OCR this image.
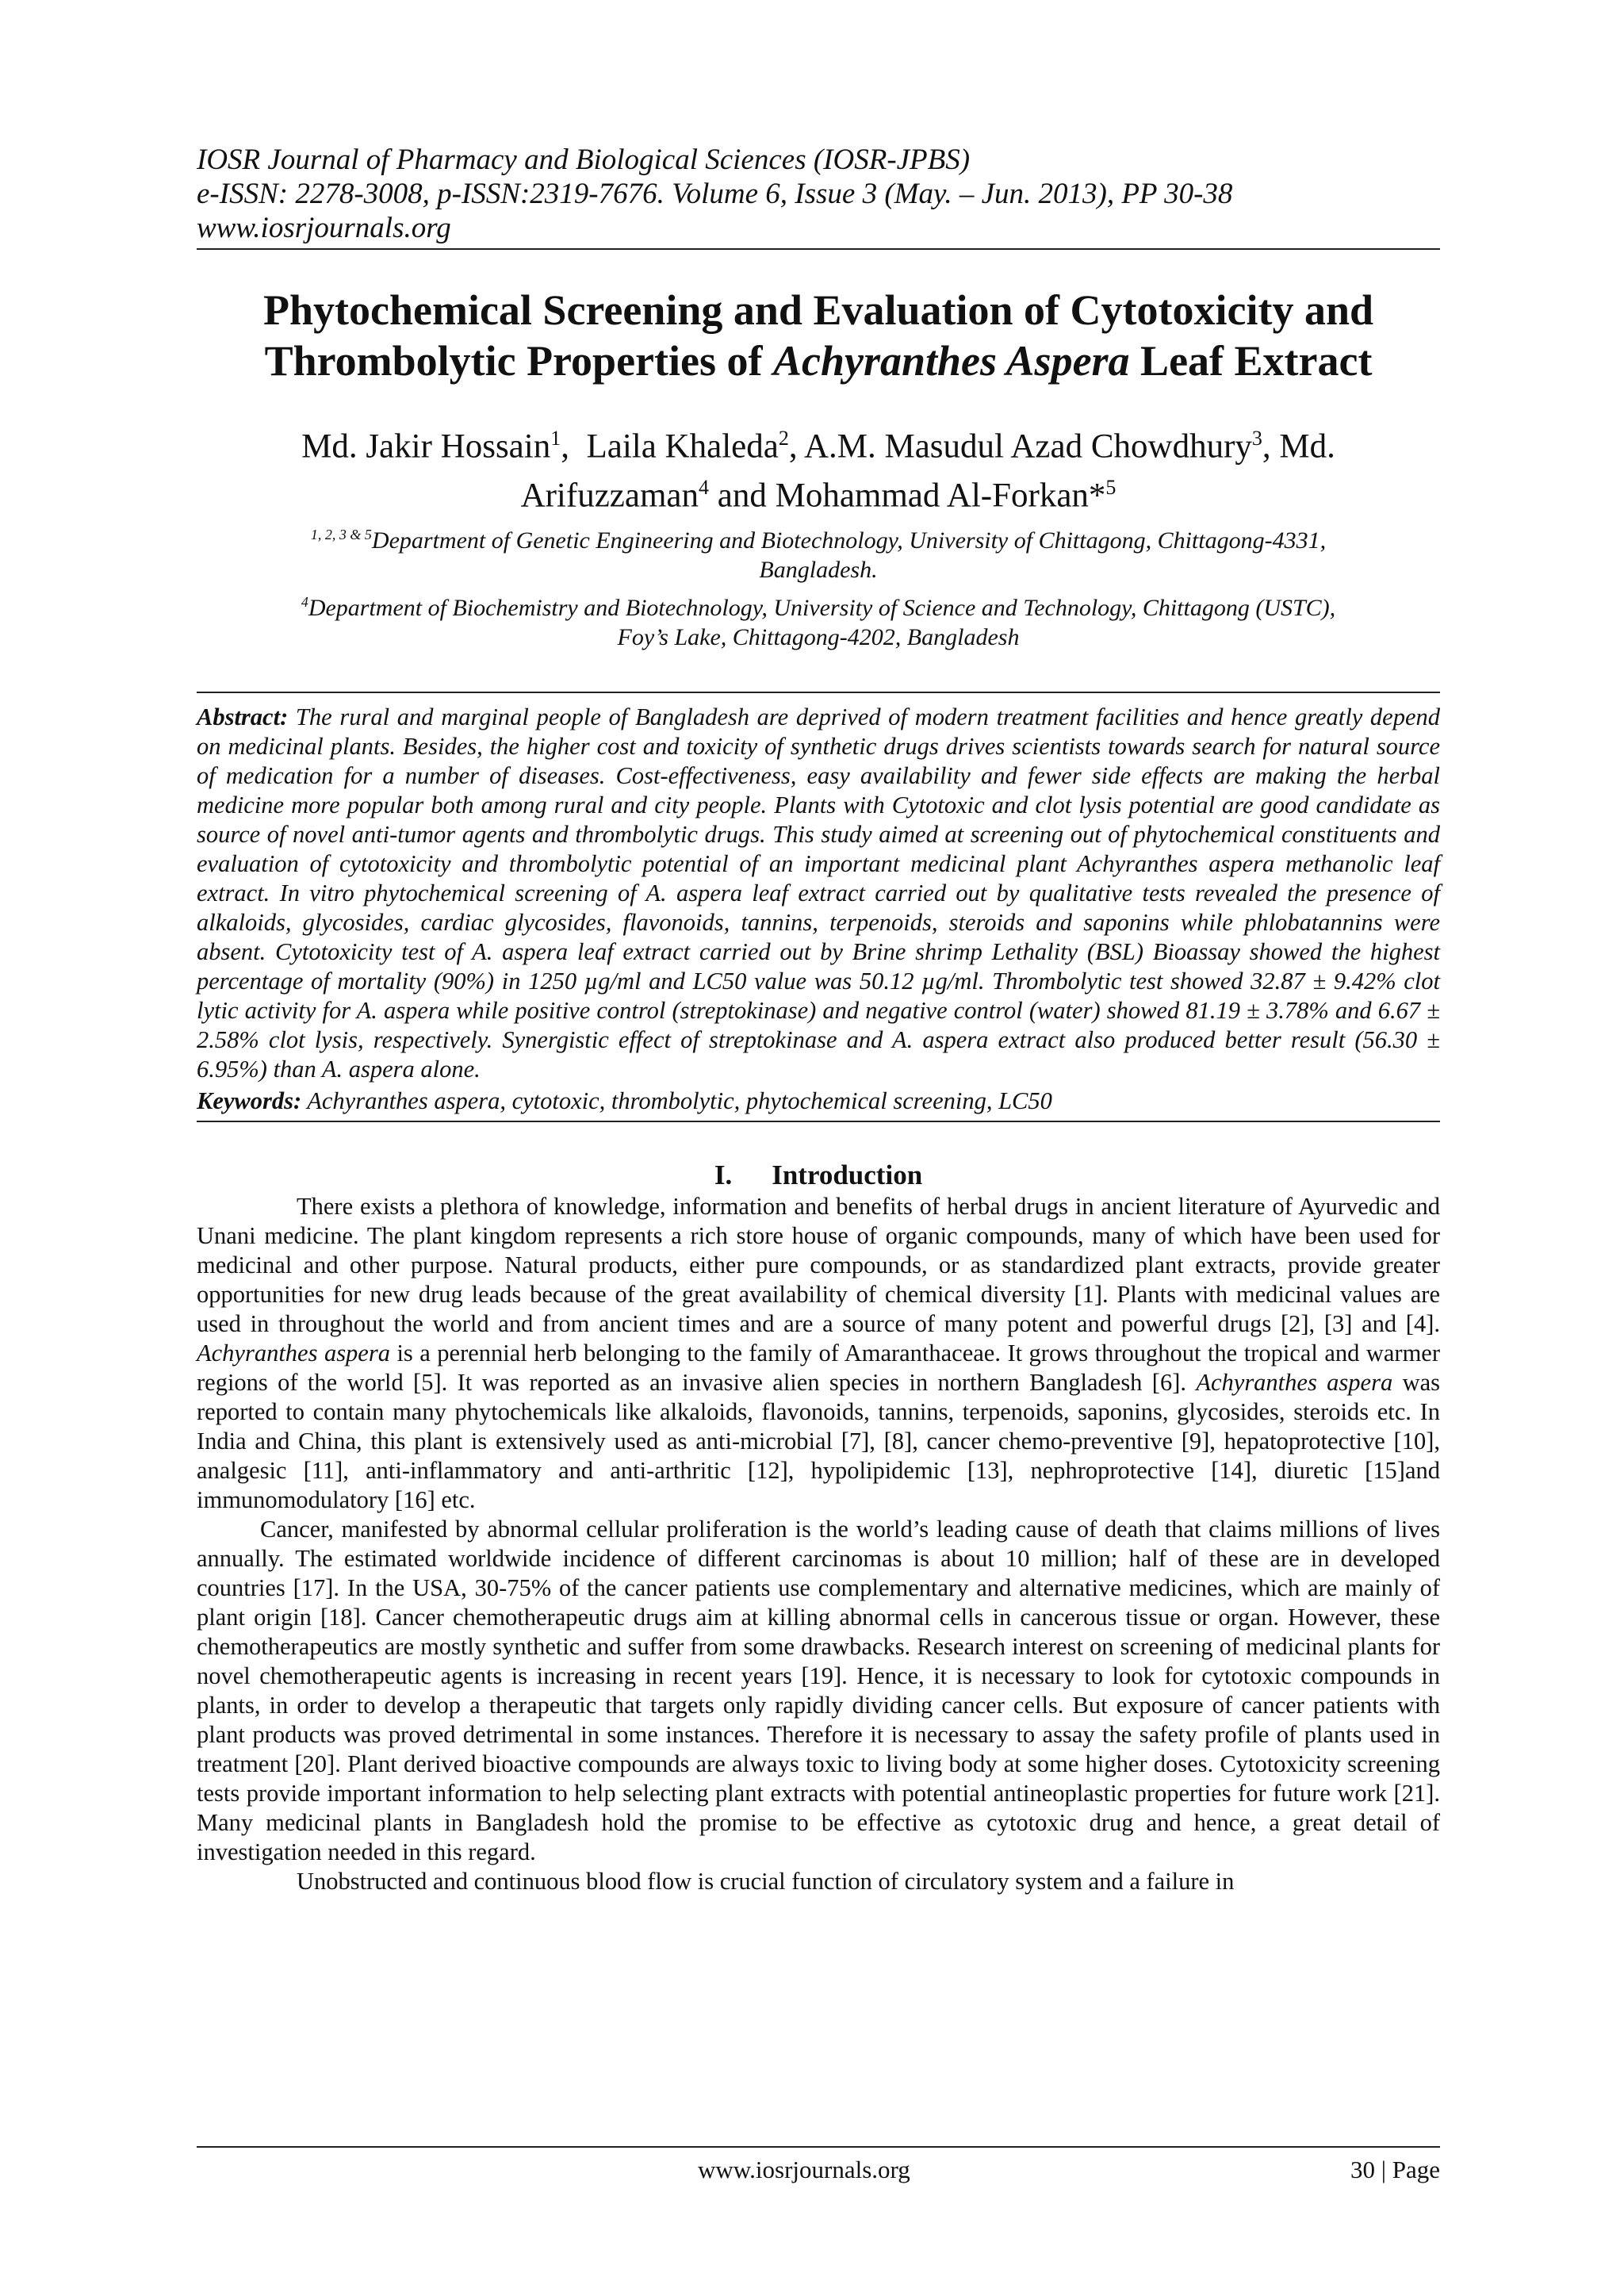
IOSR Journal of Pharmacy and Biological Sciences (IOSR-JPBS)
e-ISSN: 2278-3008, p-ISSN:2319-7676. Volume 6, Issue 3 (May. – Jun. 2013), PP 30-38
www.iosrjournals.org
Phytochemical Screening and Evaluation of Cytotoxicity and
Thrombolytic Properties of Achyranthes Aspera Leaf Extract
Md. Jakir Hossain$^1$,  Laila Khaleda$^2$, A.M. Masudul Azad Chowdhury$^3$, Md.
Arifuzzaman$^4$ and Mohammad Al-Forkan*$^5$
$^{1, 2, 3 \& 5}$Department of Genetic Engineering and Biotechnology, University of Chittagong, Chittagong-4331,
Bangladesh.
$^4$Department of Biochemistry and Biotechnology, University of Science and Technology, Chittagong (USTC),
Foy’s Lake, Chittagong-4202, Bangladesh

Abstract: The rural and marginal people of Bangladesh are deprived of modern treatment facilities and hence greatly depend on medicinal plants. Besides, the higher cost and toxicity of synthetic drugs drives scientists towards search for natural source of medication for a number of diseases. Cost-effectiveness, easy availability and fewer side effects are making the herbal medicine more popular both among rural and city people. Plants with Cytotoxic and clot lysis potential are good candidate as source of novel anti-tumor agents and thrombolytic drugs. This study aimed at screening out of phytochemical constituents and evaluation of cytotoxicity and thrombolytic potential of an important medicinal plant Achyranthes aspera methanolic leaf extract. In vitro phytochemical screening of A. aspera leaf extract carried out by qualitative tests revealed the presence of alkaloids, glycosides, cardiac glycosides, flavonoids, tannins, terpenoids, steroids and saponins while phlobatannins were absent. Cytotoxicity test of A. aspera leaf extract carried out by Brine shrimp Lethality (BSL) Bioassay showed the highest percentage of mortality (90%) in 1250 µg/ml and LC50 value was 50.12 µg/ml. Thrombolytic test showed 32.87 ± 9.42% clot lytic activity for A. aspera while positive control (streptokinase) and negative control (water) showed 81.19 ± 3.78% and 6.67 ± 2.58% clot lysis, respectively. Synergistic effect of streptokinase and A. aspera extract also produced better result (56.30 ± 6.95%) than A. aspera alone.

Keywords: Achyranthes aspera, cytotoxic, thrombolytic, phytochemical screening, LC50

I. Introduction

There exists a plethora of knowledge, information and benefits of herbal drugs in ancient literature of Ayurvedic and Unani medicine. The plant kingdom represents a rich store house of organic compounds, many of which have been used for medicinal and other purpose. Natural products, either pure compounds, or as standardized plant extracts, provide greater opportunities for new drug leads because of the great availability of chemical diversity [1]. Plants with medicinal values are used in throughout the world and from ancient times and are a source of many potent and powerful drugs [2], [3] and [4]. Achyranthes aspera is a perennial herb belonging to the family of Amaranthaceae. It grows throughout the tropical and warmer regions of the world [5]. It was reported as an invasive alien species in northern Bangladesh [6]. Achyranthes aspera was reported to contain many phytochemicals like alkaloids, flavonoids, tannins, terpenoids, saponins, glycosides, steroids etc. In India and China, this plant is extensively used as anti-microbial [7], [8], cancer chemo-preventive [9], hepatoprotective [10], analgesic [11], anti-inflammatory and anti-arthritic [12], hypolipidemic [13], nephroprotective [14], diuretic [15]and immunomodulatory [16] etc.

Cancer, manifested by abnormal cellular proliferation is the world’s leading cause of death that claims millions of lives annually. The estimated worldwide incidence of different carcinomas is about 10 million; half of these are in developed countries [17]. In the USA, 30-75% of the cancer patients use complementary and alternative medicines, which are mainly of plant origin [18]. Cancer chemotherapeutic drugs aim at killing abnormal cells in cancerous tissue or organ. However, these chemotherapeutics are mostly synthetic and suffer from some drawbacks. Research interest on screening of medicinal plants for novel chemotherapeutic agents is increasing in recent years [19]. Hence, it is necessary to look for cytotoxic compounds in plants, in order to develop a therapeutic that targets only rapidly dividing cancer cells. But exposure of cancer patients with plant products was proved detrimental in some instances. Therefore it is necessary to assay the safety profile of plants used in treatment [20]. Plant derived bioactive compounds are always toxic to living body at some higher doses. Cytotoxicity screening tests provide important information to help selecting plant extracts with potential antineoplastic properties for future work [21]. Many medicinal plants in Bangladesh hold the promise to be effective as cytotoxic drug and hence, a great detail of investigation needed in this regard.

Unobstructed and continuous blood flow is crucial function of circulatory system and a failure in

www.iosrjournals.org	30 | Page
